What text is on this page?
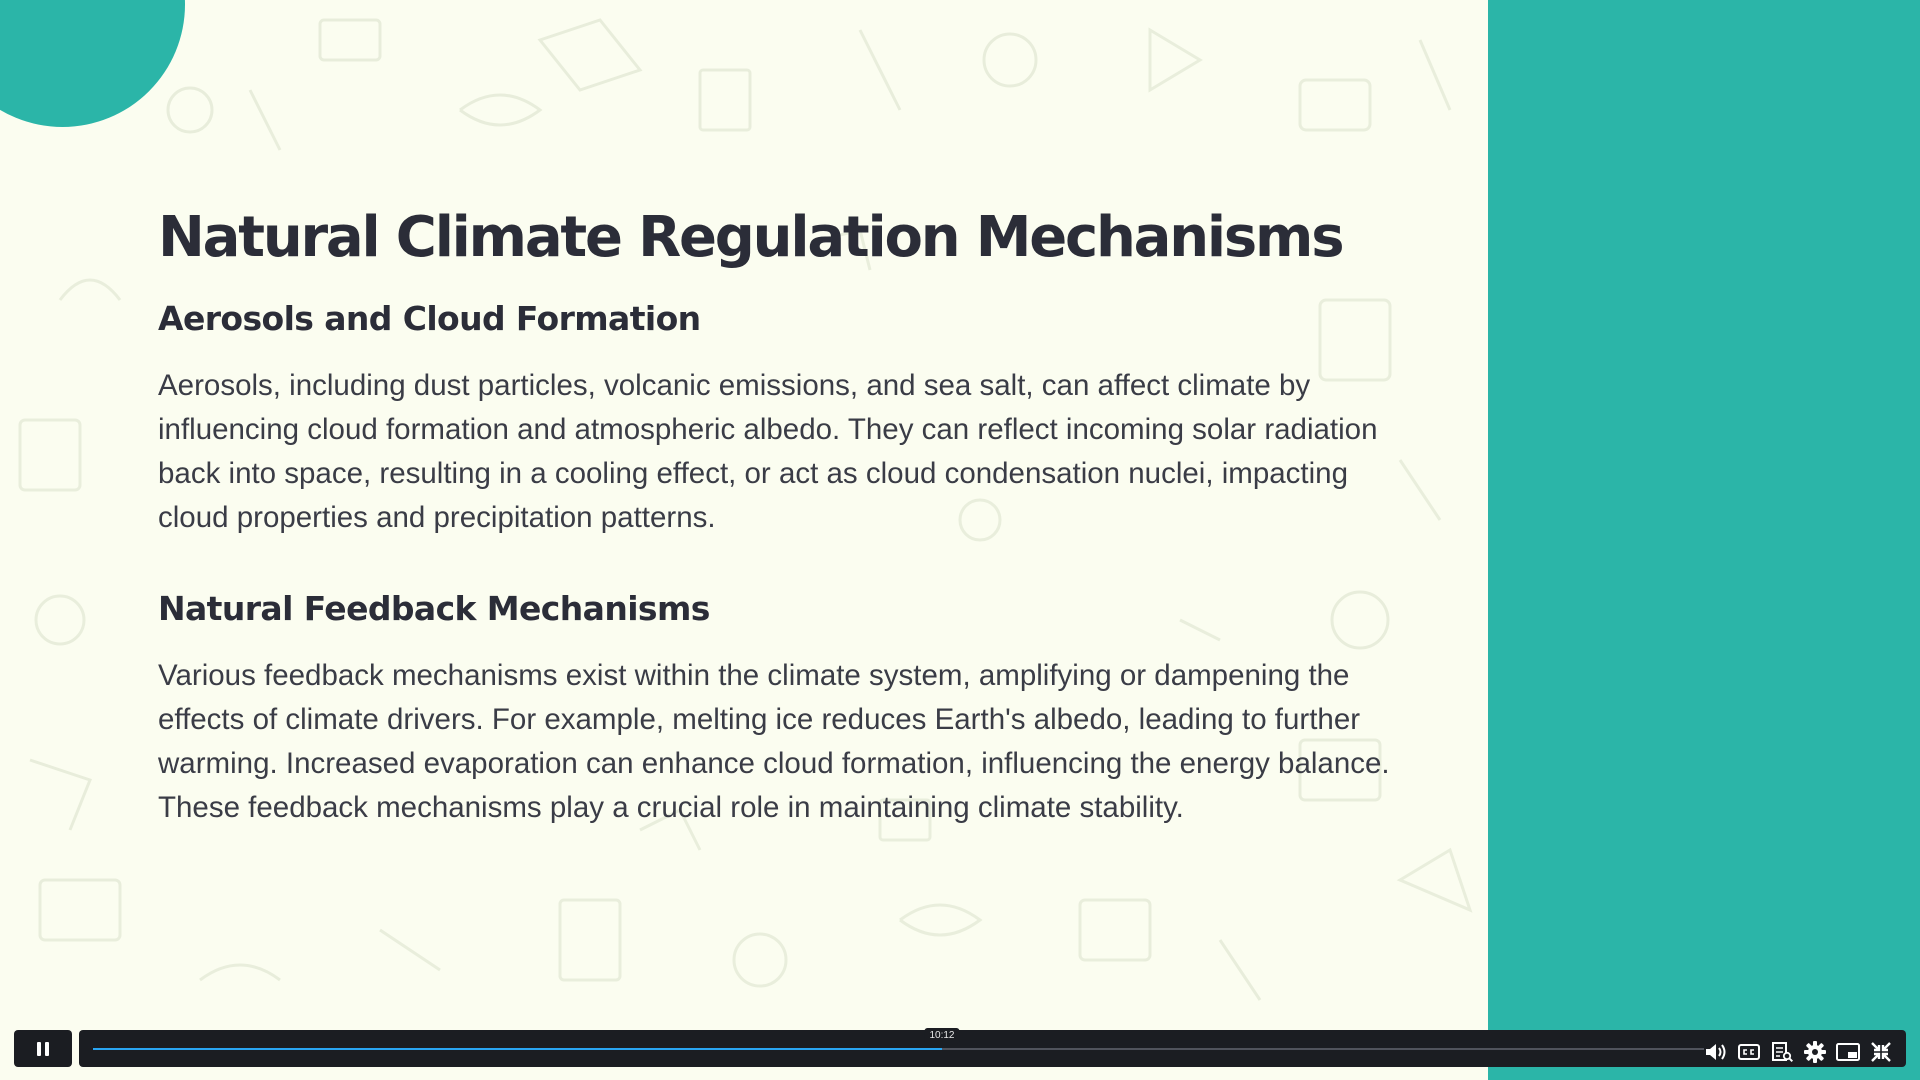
Natural Climate Regulation Mechanisms
Aerosols and Cloud Formation

Aerosols, including dust particles, volcanic emissions, and sea salt, can affect climate by influencing cloud formation and atmospheric albedo. They can reflect incoming solar radiation back into space, resulting in a cooling effect, or act as cloud condensation nuclei, impacting cloud properties and precipitation patterns.

Natural Feedback Mechanisms

Various feedback mechanisms exist within the climate system, amplifying or dampening the effects of climate drivers. For example, melting ice reduces Earth's albedo, leading to further warming. Increased evaporation can enhance cloud formation, influencing the energy balance. These feedback mechanisms play a crucial role in maintaining climate stability.

10:12
